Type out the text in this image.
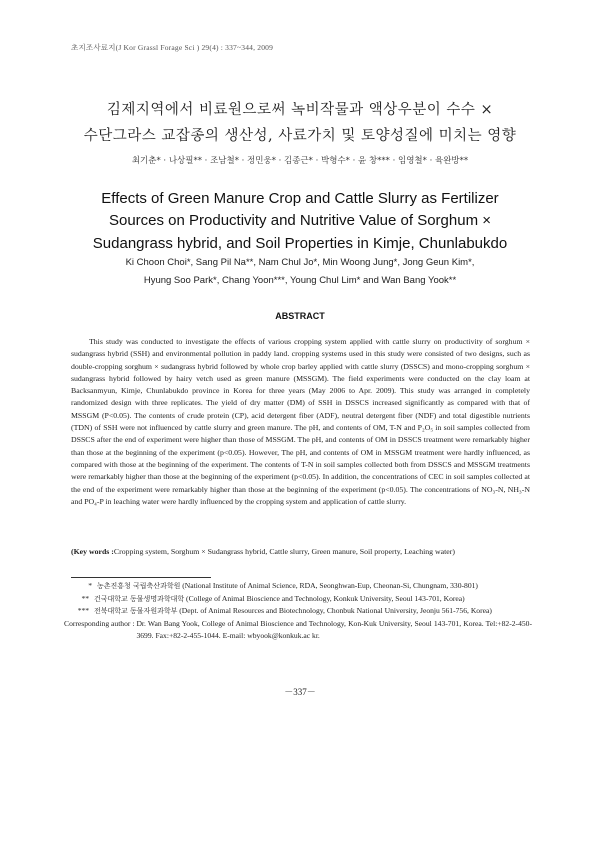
초지조사료지(J Kor Grassl Forage Sci ) 29(4) : 337~344, 2009
김제지역에서 비료원으로써 녹비작물과 액상우분이 수수 ×
수단그라스 교잡종의 생산성, 사료가치 및 토양성질에 미치는 영향
최기춘* · 나상필** · 조남철* · 정민웅* · 김종근* · 박형수* · 윤 창*** · 임영철* · 육완방**
Effects of Green Manure Crop and Cattle Slurry as Fertilizer
Sources on Productivity and Nutritive Value of Sorghum ×
Sudangrass hybrid, and Soil Properties in Kimje, Chunlabukdo
Ki Choon Choi*, Sang Pil Na**, Nam Chul Jo*, Min Woong Jung*, Jong Geun Kim*,
Hyung Soo Park*, Chang Yoon***, Young Chul Lim* and Wan Bang Yook**
ABSTRACT
This study was conducted to investigate the effects of various cropping system applied with cattle slurry on productivity of sorghum × sudangrass hybrid (SSH) and environmental pollution in paddy land. cropping systems used in this study were consisted of two designs, such as double-cropping sorghum × sudangrass hybrid followed by whole crop barley applied with cattle slurry (DSSCS) and mono-cropping sorghum × sudangrass hybrid followed by hairy vetch used as green manure (MSSGM). The field experiments were conducted on the clay loam at Backsanmyun, Kimje, Chunlabukdo province in Korea for three years (May 2006 to Apr. 2009). This study was arranged in completely randomized design with three replicates. The yield of dry matter (DM) of SSH in DSSCS increased significantly as compared with that of MSSGM (P<0.05). The contents of crude protein (CP), acid detergent fiber (ADF), neutral detergent fiber (NDF) and total digestible nutrients (TDN) of SSH were not influenced by cattle slurry and green manure. The pH, and contents of OM, T-N and P₂O₅ in soil samples collected from DSSCS after the end of experiment were higher than those of MSSGM. The pH, and contents of OM in DSSCS treatment were remarkably higher than those at the beginning of the experiment (p<0.05). However, The pH, and contents of OM in MSSGM treatment were hardly influenced, as compared with those at the beginning of the experiment. The contents of T-N in soil samples collected both from DSSCS and MSSGM treatments were remarkably higher than those at the beginning of the experiment (p<0.05). In addition, the concentrations of CEC in soil samples collected at the end of the experiment were remarkably higher than those at the beginning of the experiment (p<0.05). The concentrations of NO₃-N, NH₃-N and PO₄-P in leaching water were hardly influenced by the cropping system and application of cattle slurry.
(Key words : Cropping system, Sorghum × Sudangrass hybrid, Cattle slurry, Green manure, Soil property, Leaching water)
* 농촌진흥청 국립축산과학원 (National Institute of Animal Science, RDA, Seonghwan-Eup, Cheonan-Si, Chungnam, 330-801)
** 건국대학교 동물생명과학대학 (College of Animal Bioscience and Technology, Konkuk University, Seoul 143-701, Korea)
*** 전북대학교 동물자원과학부 (Dept. of Animal Resources and Biotechnology, Chonbuk National University, Jeonju 561-756, Korea)
Corresponding author : Dr. Wan Bang Yook, College of Animal Bioscience and Technology, Kon-Kuk University, Seoul 143-701, Korea. Tel:+82-2-450-3699. Fax:+82-2-455-1044. E-mail: wbyook@konkuk.ac kr.
－337－
